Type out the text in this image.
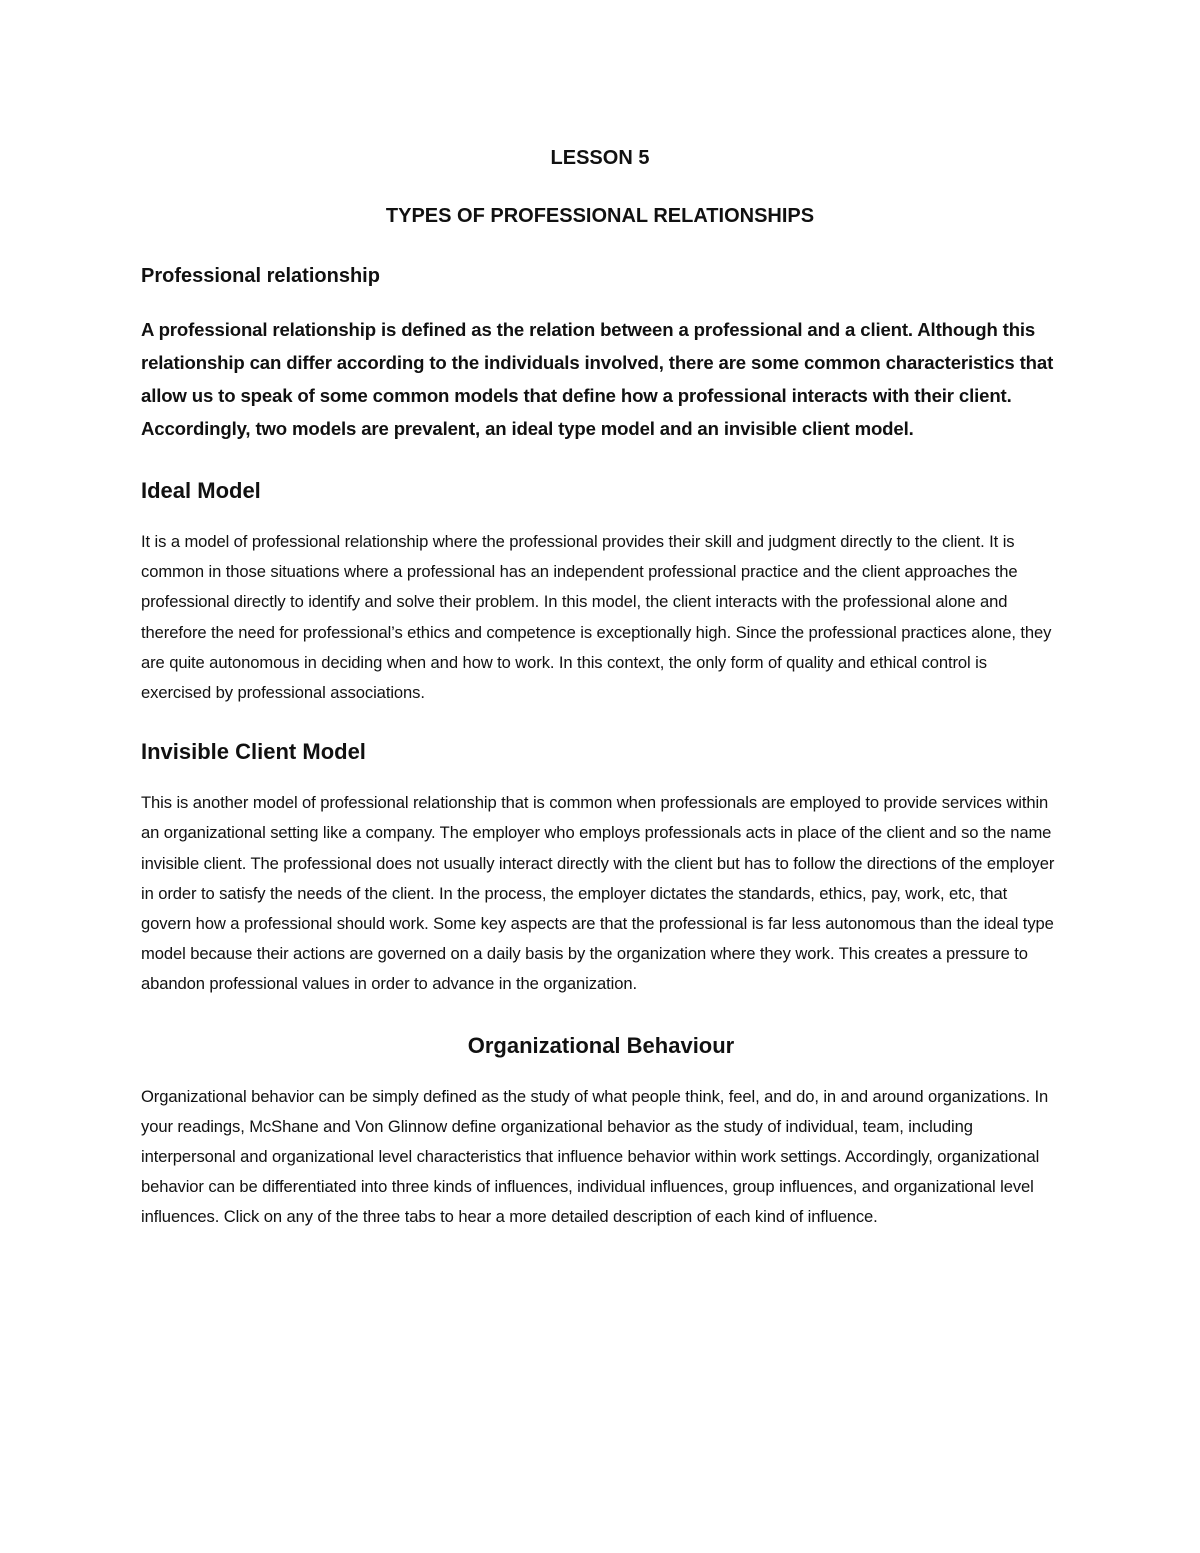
LESSON 5

TYPES OF PROFESSIONAL RELATIONSHIPS

Professional relationship

A professional relationship is defined as the relation between a professional and a client. Although this relationship can differ according to the individuals involved, there are some common characteristics that allow us to speak of some common models that define how a professional interacts with their client. Accordingly, two models are prevalent, an ideal type model and an invisible client model.

Ideal Model

It is a model of professional relationship where the professional provides their skill and judgment directly to the client. It is common in those situations where a professional has an independent professional practice and the client approaches the professional directly to identify and solve their problem. In this model, the client interacts with the professional alone and therefore the need for professional’s ethics and competence is exceptionally high. Since the professional practices alone, they are quite autonomous in deciding when and how to work. In this context, the only form of quality and ethical control is exercised by professional associations.

Invisible Client Model

This is another model of professional relationship that is common when professionals are employed to provide services within an organizational setting like a company. The employer who employs professionals acts in place of the client and so the name invisible client. The professional does not usually interact directly with the client but has to follow the directions of the employer in order to satisfy the needs of the client. In the process, the employer dictates the standards, ethics, pay, work, etc, that govern how a professional should work. Some key aspects are that the professional is far less autonomous than the ideal type model because their actions are governed on a daily basis by the organization where they work. This creates a pressure to abandon professional values in order to advance in the organization.

Organizational Behaviour

Organizational behavior can be simply defined as the study of what people think, feel, and do, in and around organizations. In your readings, McShane and Von Glinnow define organizational behavior as the study of individual, team, including interpersonal and organizational level characteristics that influence behavior within work settings. Accordingly, organizational behavior can be differentiated into three kinds of influences, individual influences, group influences, and organizational level influences. Click on any of the three tabs to hear a more detailed description of each kind of influence.
